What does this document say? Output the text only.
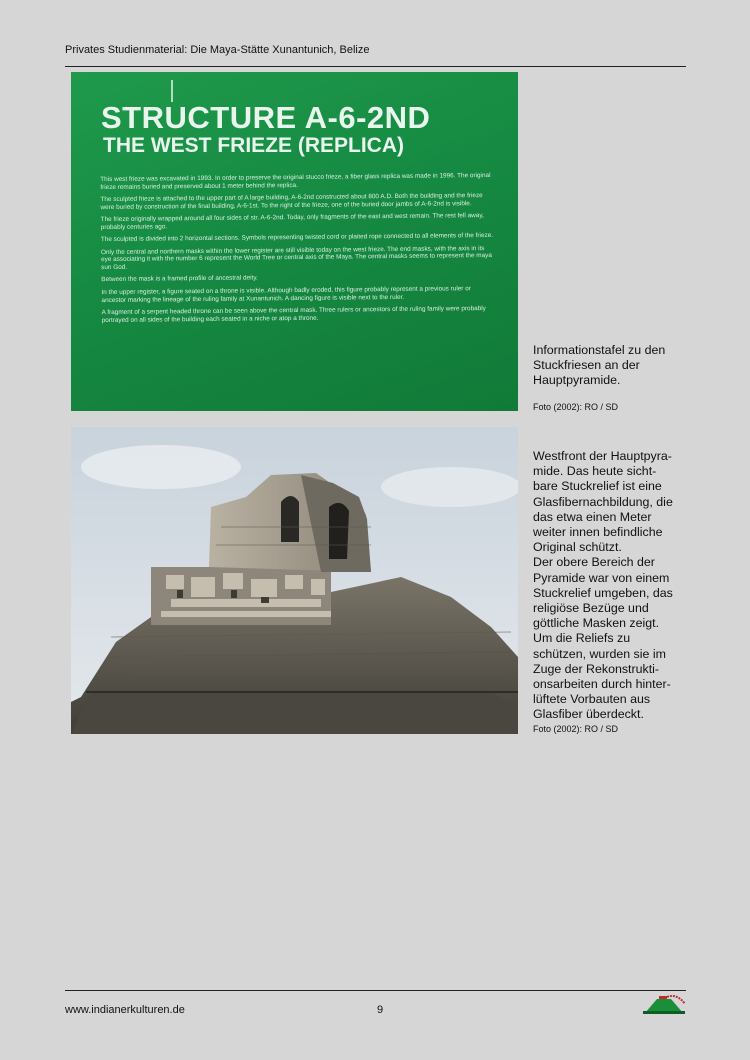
Privates Studienmaterial: Die Maya-Stätte Xunantunich, Belize
STRUCTURE A-6-2ND
THE WEST FRIEZE (REPLICA)

This west frieze was excavated in 1993. In order to preserve the original stucco frieze, a fiber glass replica was made in 1996. The original frieze remains buried and preserved about 1 meter behind the replica.

The sculpted frieze is attached to the upper part of A large building, A-6-2nd constructed about 800 A.D. Both the building and the frieze were buried by construction of the final building, A-6-1st. To the right of the frieze, one of the buried door jambs of A-6-2nd is visible.

The frieze originally wrapped around all four sides of str. A-6-2nd. Today, only fragments of the east and west remain. The rest fell away, probably centuries ago.

The sculpted is divided into 2 horizontal sections. Symbols representing twisted cord or plaited rope connected to all elements of the frieze.

Only the central and northern masks within the lower register are still visible today on the west frieze. The end masks, with the axis in its eye associating it with the number 6 represent the World Tree or central axis of the Maya. The central masks seems to represent the maya sun God.

Between the mask is a framed profile of ancestral deity.

In the upper register, a figure seated on a throne is visible. Although badly eroded, this figure probably represent a previous ruler or ancestor marking the lineage of the ruling family at Xunantunich. A dancing figure is visible next to the ruler.

A fragment of a serpent headed throne can be seen above the central mask. Three rulers or ancestors of the ruling family were probably portrayed on all sides of the building each seated in a niche or atop a throne.

Informationstafel zu den Stuckfriesen an der Hauptpyramide.
Foto (2002): RO / SD
Westfront der Hauptpyra-
mide. Das heute sicht-
bare Stuckrelief ist eine
Glasfibernachbildung, die
das etwa einen Meter
weiter innen befindliche
Original schützt.
Der obere Bereich der
Pyramide war von einem
Stuckrelief umgeben, das
religiöse Bezüge und
göttliche Masken zeigt.
Um die Reliefs zu
schützen, wurden sie im
Zuge der Rekonstrukti-
onsarbeiten durch hinter-
lüftete Vorbauten aus
Glasfiber überdeckt.
Foto (2002): RO / SD
www.indianerkulturen.de	9
